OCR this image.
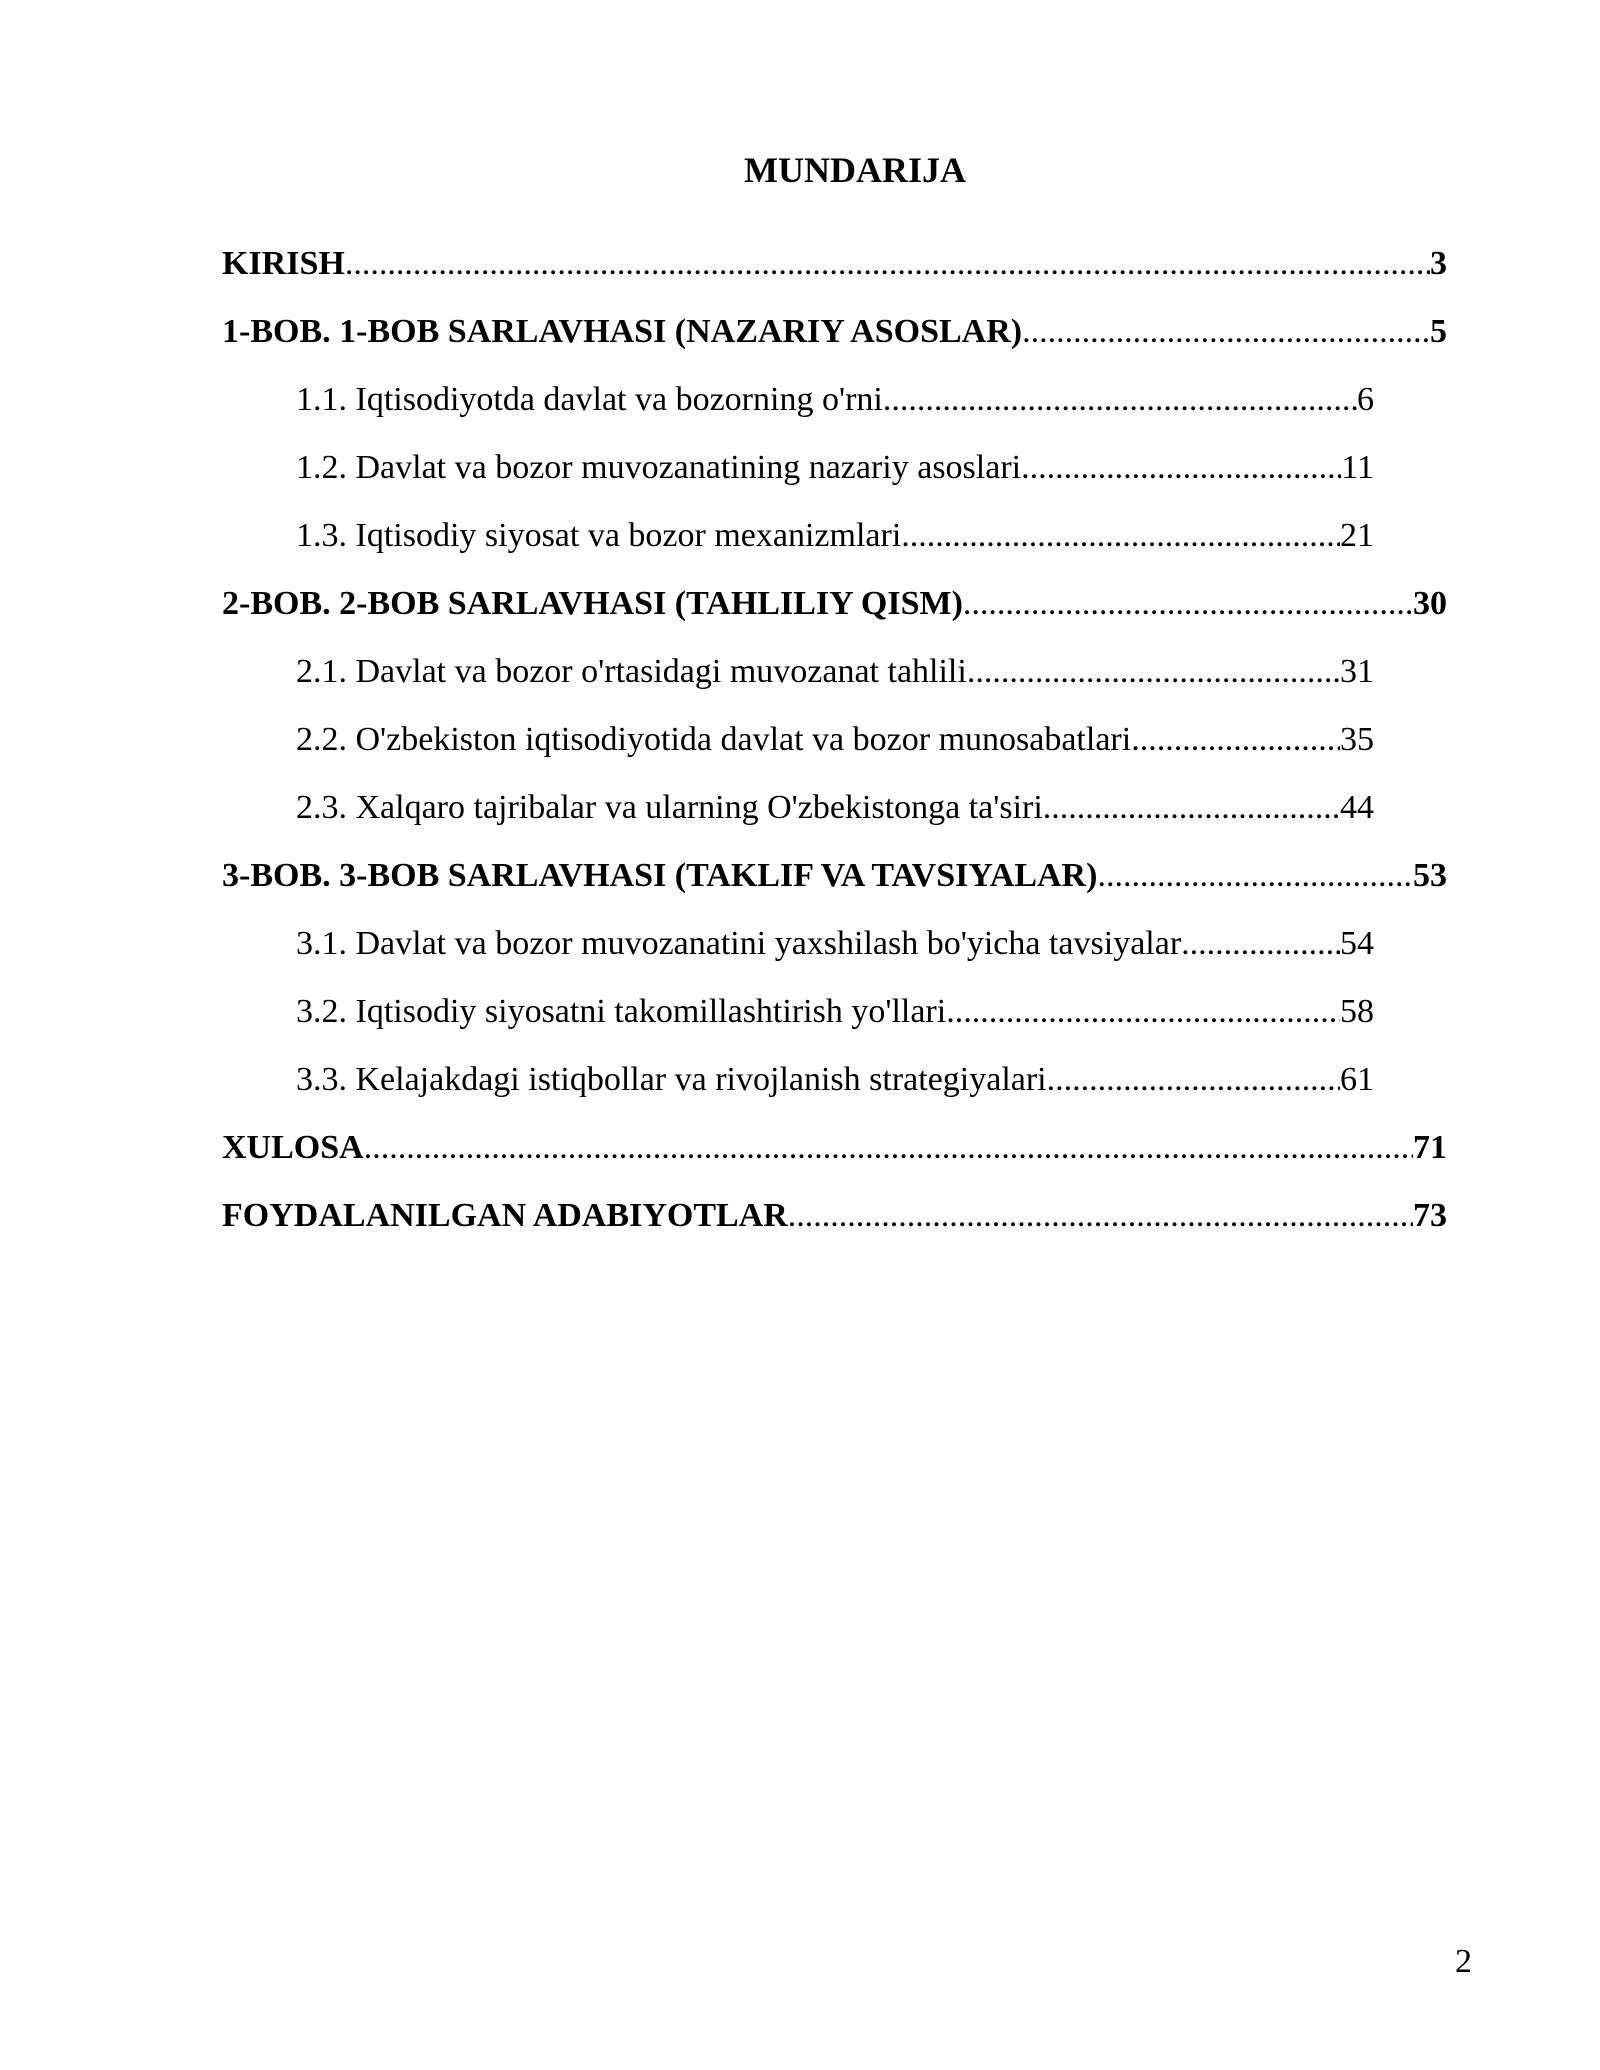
MUNDARIJA
KIRISH .....	3
1-BOB. 1-BOB SARLAVHASI (NAZARIY ASOSLAR) .....	5
1.1. Iqtisodiyotda davlat va bozorning o'rni .....	6
1.2. Davlat va bozor muvozanatining nazariy asoslari .....	11
1.3. Iqtisodiy siyosat va bozor mexanizmlari .....	21
2-BOB. 2-BOB SARLAVHASI (TAHLILIY QISM) .....	30
2.1. Davlat va bozor o'rtasidagi muvozanat tahlili .....	31
2.2. O'zbekiston iqtisodiyotida davlat va bozor munosabatlari .....	35
2.3. Xalqaro tajribalar va ularning O'zbekistonga ta'siri .....	44
3-BOB. 3-BOB SARLAVHASI (TAKLIF VA TAVSIYALAR) .....	53
3.1. Davlat va bozor muvozanatini yaxshilash bo'yicha tavsiyalar .....	54
3.2. Iqtisodiy siyosatni takomillashtirish yo'llari .....	58
3.3. Kelajakdagi istiqbollar va rivojlanish strategiyalari .....	61
XULOSA .....	71
FOYDALANILGAN ADABIYOTLAR .....	73
2
